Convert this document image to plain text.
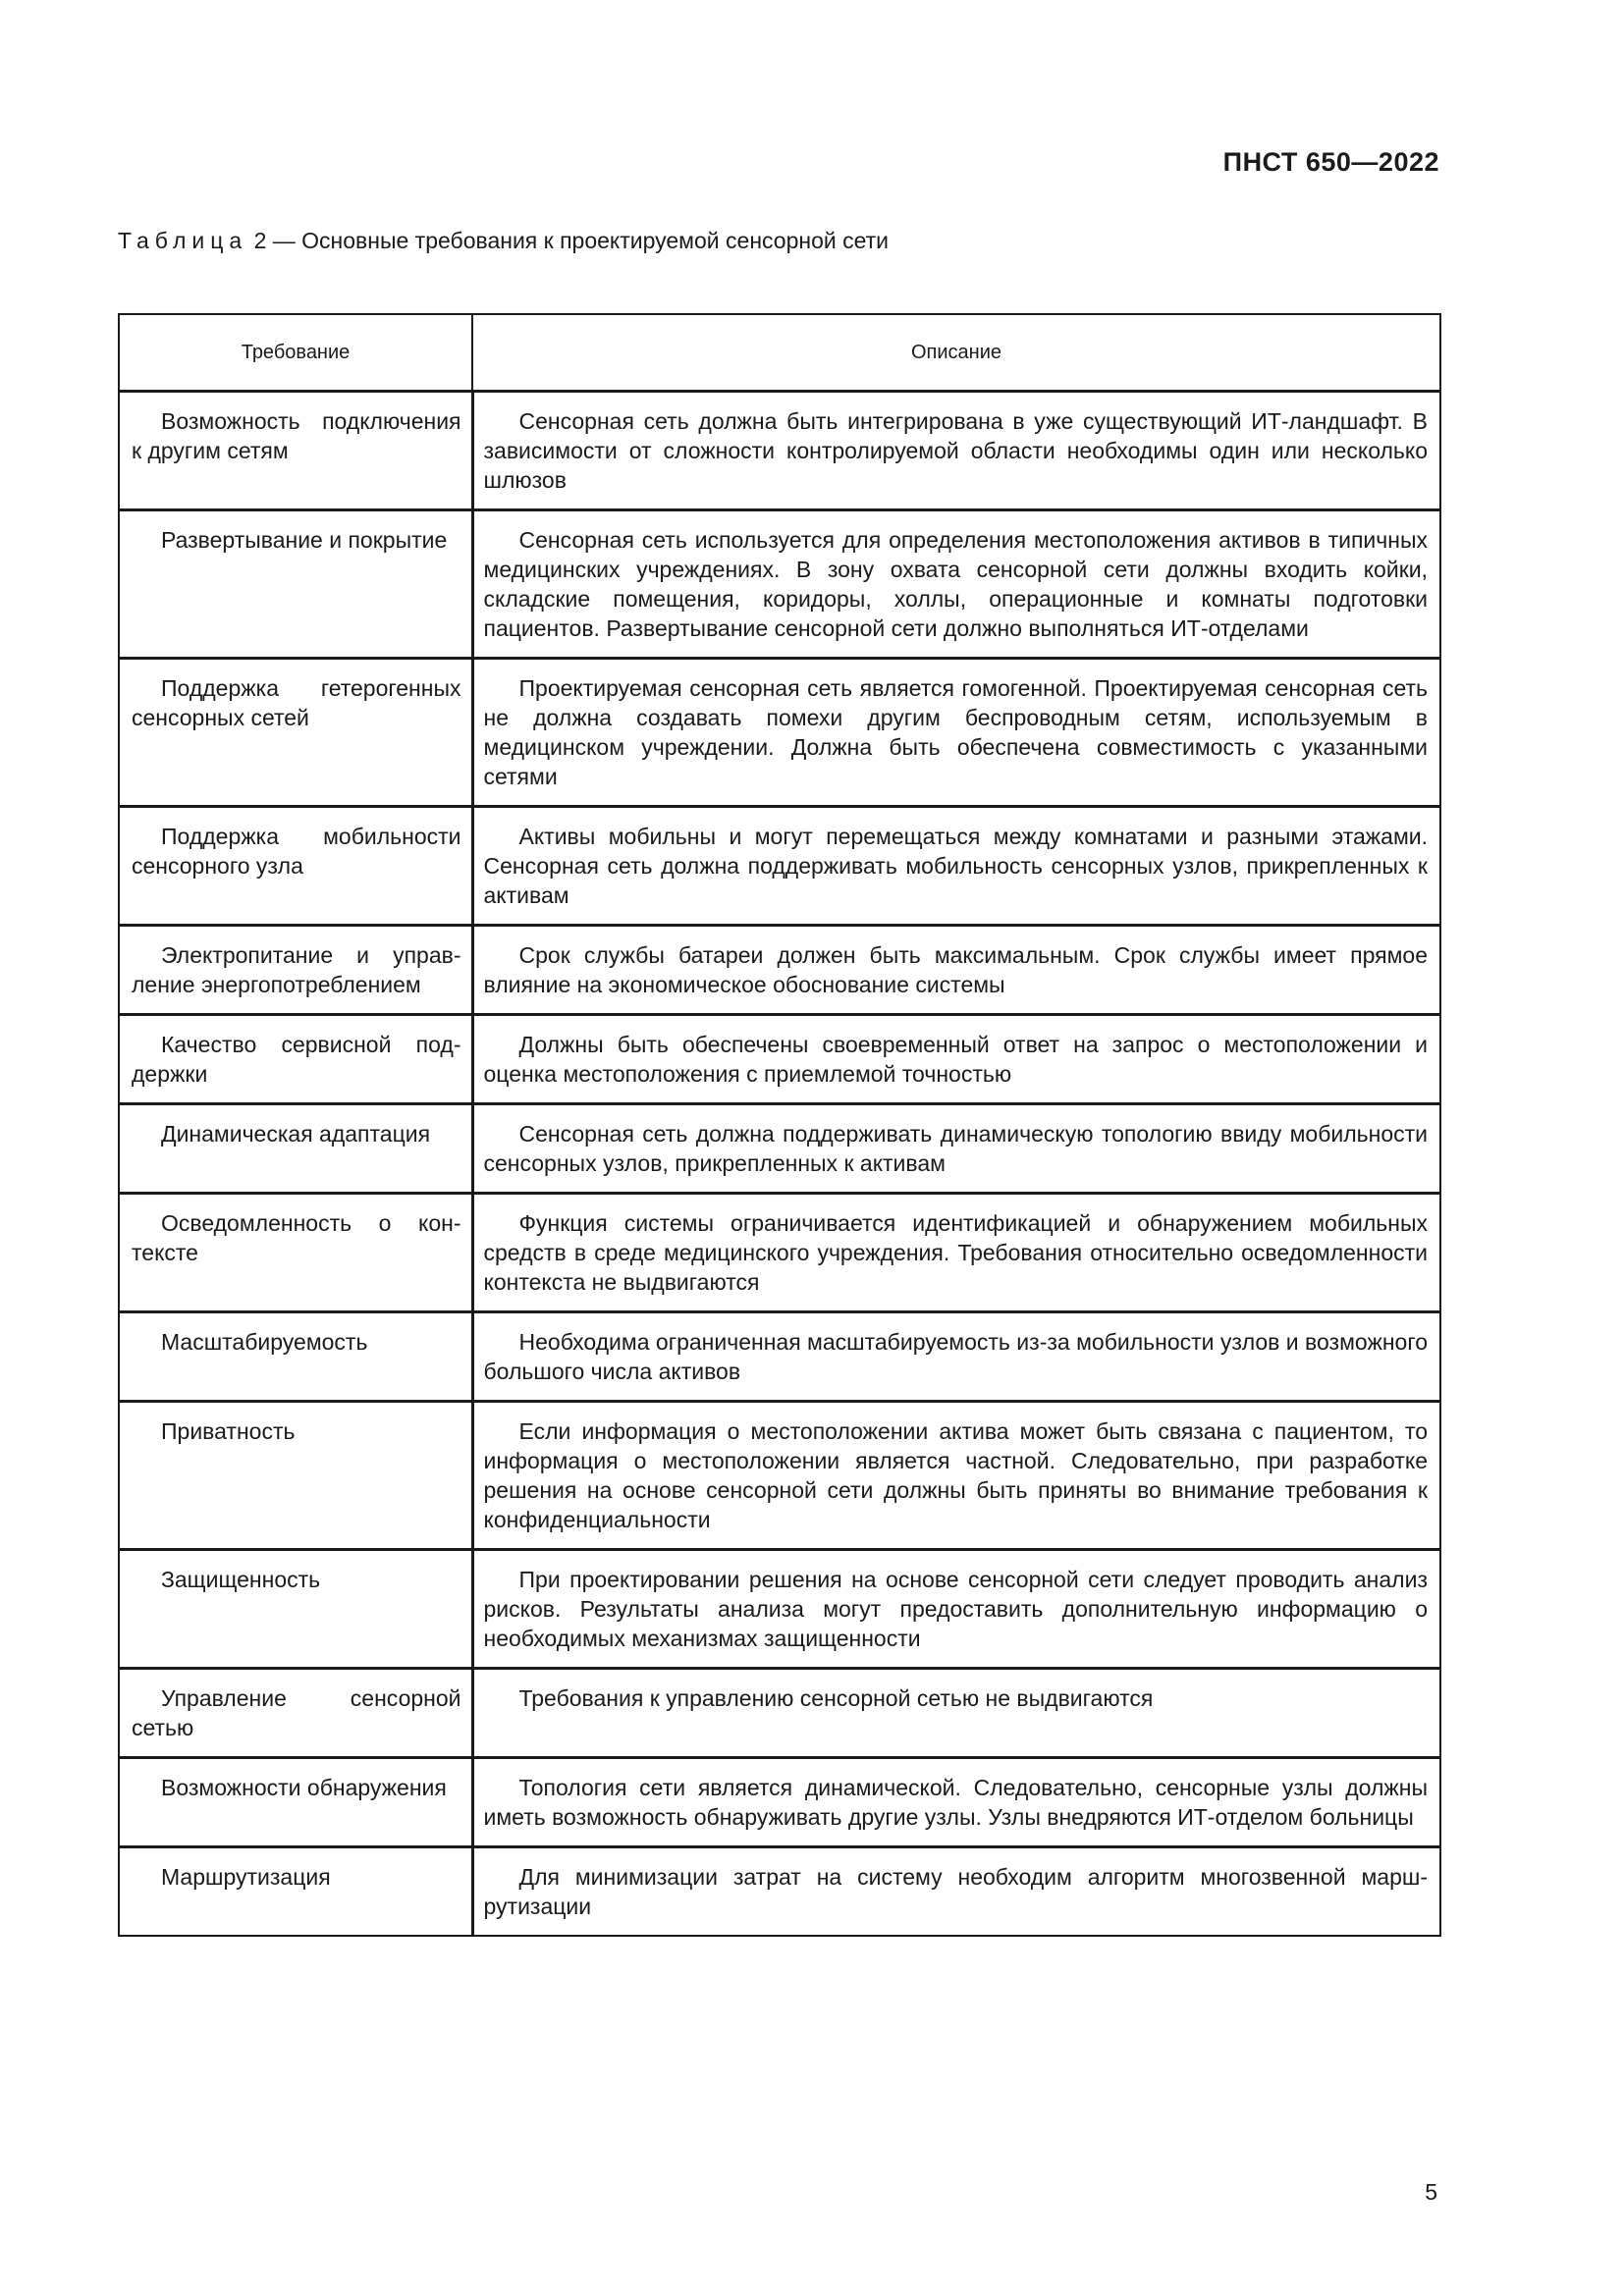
ПНСТ 650—2022
Таблица 2 — Основные требования к проектируемой сенсорной сети
Требование	Описание
Возможность подключения к другим сетям	Сенсорная сеть должна быть интегрирована в уже существующий ИТ-ландшафт. В зависимости от сложности контролируемой области необходимы один или несколько шлюзов
Развертывание и покрытие	Сенсорная сеть используется для определения местоположения активов в типичных медицинских учреждениях. В зону охвата сенсорной сети должны входить койки, складские помещения, коридоры, холлы, операционные и комнаты подготовки пациентов. Развертывание сенсорной сети должно выполняться ИТ-отделами
Поддержка гетерогенных сенсорных сетей	Проектируемая сенсорная сеть является гомогенной. Проектируемая сенсорная сеть не должна создавать помехи другим беспроводным сетям, используемым в медицинском учреждении. Должна быть обеспечена совместимость с указанными сетями
Поддержка мобильности сенсорного узла	Активы мобильны и могут перемещаться между комнатами и разными этажами. Сенсорная сеть должна поддерживать мобильность сенсорных узлов, прикрепленных к активам
Электропитание и управление энергопотреблением	Срок службы батареи должен быть максимальным. Срок службы имеет прямое влияние на экономическое обоснование системы
Качество сервисной поддержки	Должны быть обеспечены своевременный ответ на запрос о местоположении и оценка местоположения с приемлемой точностью
Динамическая адаптация	Сенсорная сеть должна поддерживать динамическую топологию ввиду мобильности сенсорных узлов, прикрепленных к активам
Осведомленность о контексте	Функция системы ограничивается идентификацией и обнаружением мобильных средств в среде медицинского учреждения. Требования относительно осведомленности контекста не выдвигаются
Масштабируемость	Необходима ограниченная масштабируемость из-за мобильности узлов и возможного большого числа активов
Приватность	Если информация о местоположении актива может быть связана с пациентом, то информация о местоположении является частной. Следовательно, при разработке решения на основе сенсорной сети должны быть приняты во внимание требования к конфиденциальности
Защищенность	При проектировании решения на основе сенсорной сети следует проводить анализ рисков. Результаты анализа могут предоставить дополнительную информацию о необходимых механизмах защищенности
Управление сенсорной сетью	Требования к управлению сенсорной сетью не выдвигаются
Возможности обнаружения	Топология сети является динамической. Следовательно, сенсорные узлы должны иметь возможность обнаруживать другие узлы. Узлы внедряются ИТ-отделом больницы
Маршрутизация	Для минимизации затрат на систему необходим алгоритм многозвенной маршрутизации
5
